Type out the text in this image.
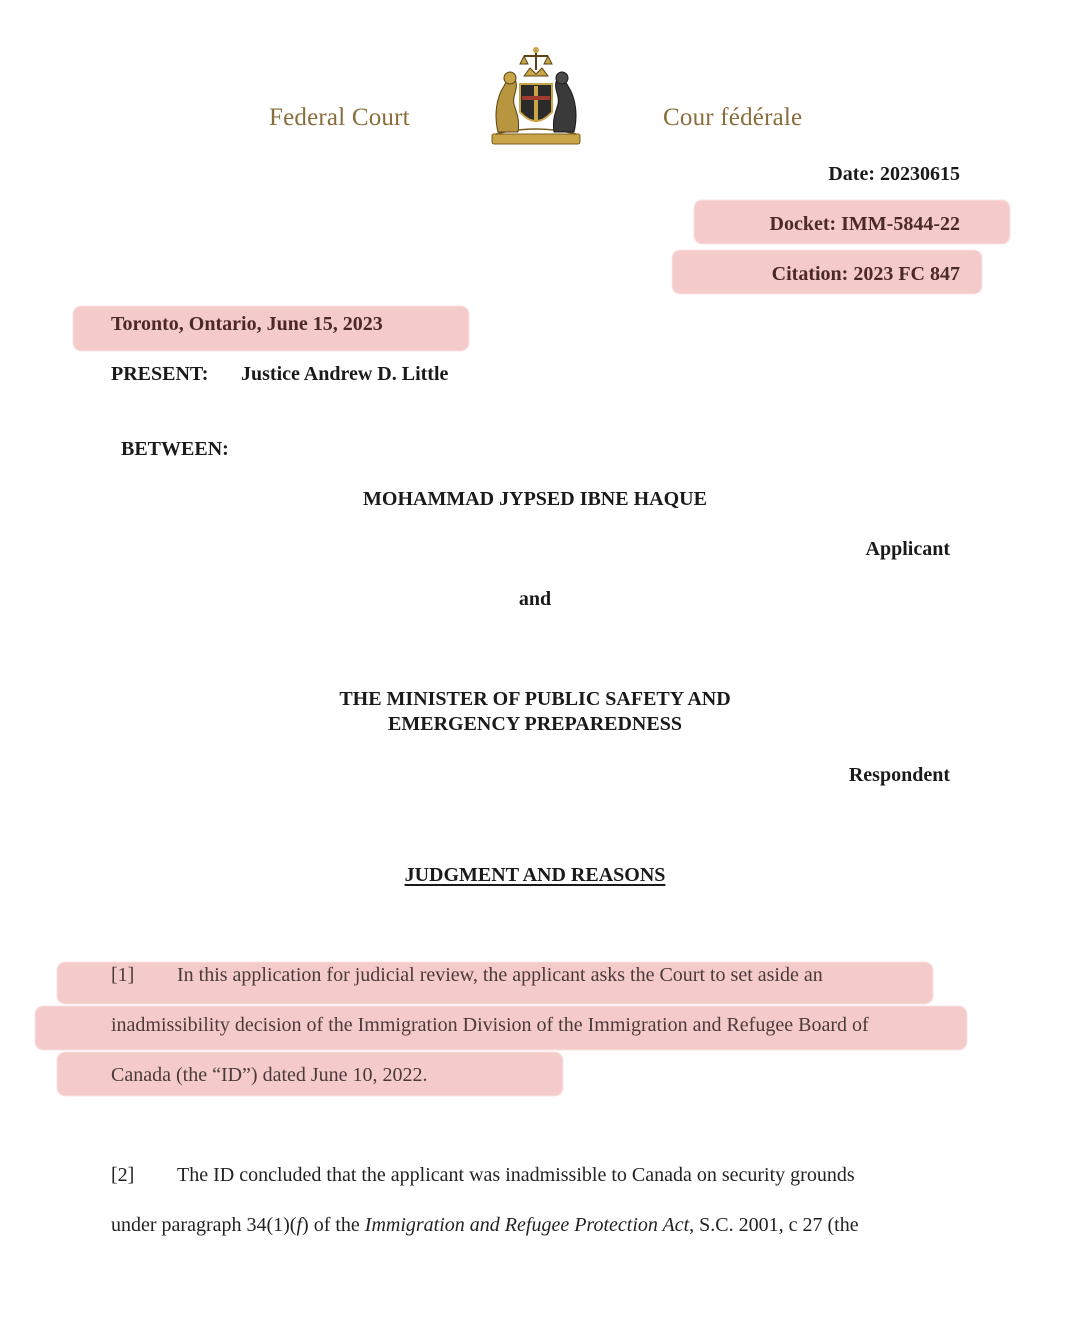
Federal Court	Cour fédérale
Date: 20230615
Docket: IMM-5844-22
Citation: 2023 FC 847
Toronto, Ontario, June 15, 2023
PRESENT: Justice Andrew D. Little
BETWEEN:
MOHAMMAD JYPSED IBNE HAQUE
Applicant
and
THE MINISTER OF PUBLIC SAFETY AND
EMERGENCY PREPAREDNESS
Respondent
JUDGMENT AND REASONS
[1] In this application for judicial review, the applicant asks the Court to set aside an
inadmissibility decision of the Immigration Division of the Immigration and Refugee Board of
Canada (the “ID”) dated June 10, 2022.
[2] The ID concluded that the applicant was inadmissible to Canada on security grounds
under paragraph 34(1)(f) of the Immigration and Refugee Protection Act, S.C. 2001, c 27 (the
